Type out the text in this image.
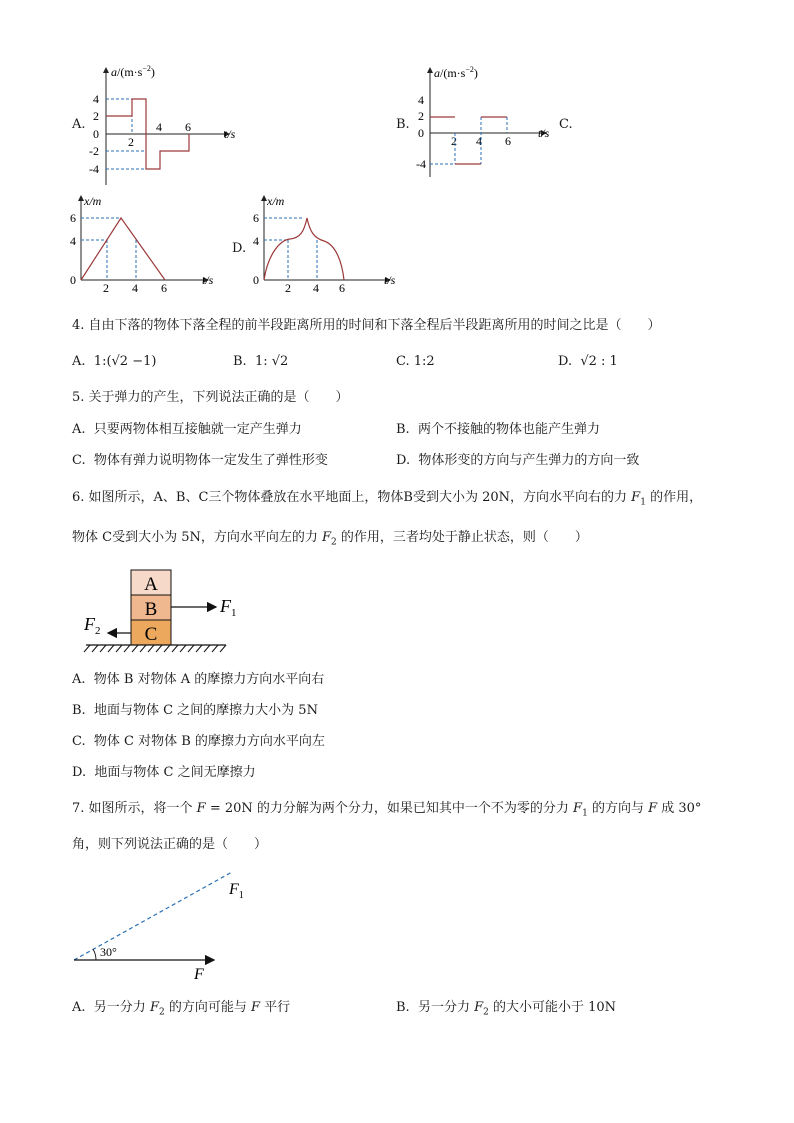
A.
$a/(m\cdot s^{-2})$
4
2
0
-2
-4
2
4 6	t/s
B.
$a/(m\cdot s^{-2})$
4
2
0
-4
2 4 6
t/s
C.
x/m
6
4
0
2 4 6
t/s
D.
x/m
6
4
0
2 4 6
t/s
4. 自由下落的物体下落全程的前半段距离所用的时间和下落全程后半段距离所用的时间之比是（　　）
A. 1:(√2 −1)	B. 1: √2	C. 1:2	D. √2 : 1
5. 关于弹力的产生，下列说法正确的是（　　）
A. 只要两物体相互接触就一定产生弹力	B. 两个不接触的物体也能产生弹力
C. 物体有弹力说明物体一定发生了弹性形变	D. 物体形变的方向与产生弹力的方向一致
6. 如图所示，A、B、C三个物体叠放在水平地面上，物体B受到大小为 20N，方向水平向右的力 $F_1$ 的作用，
物体 C受到大小为 5N，方向水平向左的力 $F_2$ 的作用，三者均处于静止状态，则（　　）
A
B
C
$F_1$
$F_2$
A. 物体 B 对物体 A 的摩擦力方向水平向右
B. 地面与物体 C 之间的摩擦力大小为 5N
C. 物体 C 对物体 B 的摩擦力方向水平向左
D. 地面与物体 C 之间无摩擦力
7. 如图所示，将一个 F = 20N 的力分解为两个分力，如果已知其中一个不为零的分力 $F_1$ 的方向与 F 成 30°
角，则下列说法正确的是（　　）
30°
$F_1$
F
A. 另一分力 $F_2$ 的方向可能与 F 平行	B. 另一分力 $F_2$ 的大小可能小于 10N
